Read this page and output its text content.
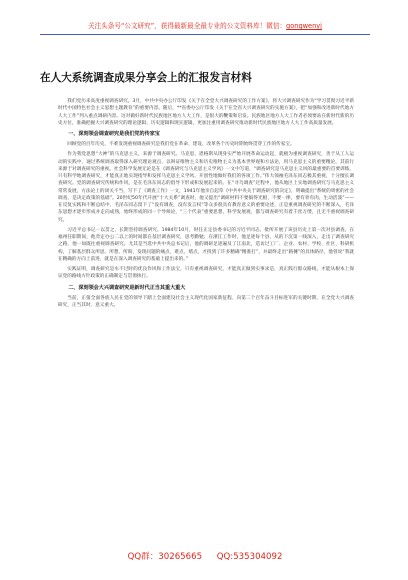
关注头条号“公文研究”，获得最新最全最专业的公文资料库！微信：gongwenyj
在人大系统调查成果分享会上的汇报发言材料

我们党历来高度重视调查研究。3月，中共中央办公厅印发《关于在全党大兴调查研究的工作方案》，将大兴调查研究作为“学习贯彻习近平新时代中国特色社会主义思想主题教育”的重要内容。随后，**省委办公厅印发《关于在全省大兴调查研究的实施方案》，把“加强和改进新时代地方人大工作”列入重点调研内容。这对做好新时代民族地区地方人大工作，是很大的鞭策和启发。民族地区地方人大工作者必须要站在新时代新的历史方位，准确把握大兴调查研究的理论逻辑、历史逻辑和现实逻辑，更加注重用调查研究推动新时代民族地区地方人大工作高质量发展。

一、深刻领会调查研究是我们党的传家宝

回顾党的百年历史，不难发现重视调查研究是我们党在革命、建设、改革各个历史时期始终贯穿工作的传家宝。

作为我党思想“大神”的马克思主义，来源于调查研究。马克思、恩格斯从现身实严始开展革命运动起，就极为重视调查研究，善于从工人运动的实践中，通过系统调查取得深入研究理论观点，以辩证唯物主义和历史唯物主义为基本世界观和方法论，用马克思主义的重要精论，其前行来源于对调查研究的重视。社会科学发展无论是在《调查研究与马克思主义学风》一文中写道，“调查研究是马克思主义风的最重要的首要训练，只有科学地调查研究，才能真正地实现指导和发挥马克思主义学风，开创性地做好我们的各项工作。”伟大领袖毛泽东同志极其重视，十分擅长调查研究。党的调查研究传统和作风，是在毛泽东同志的倡导下形成和发展起来的。在“寻乌调查”过程中，他从地区上实地调查研究与马克思主义常常发展，方法论上的闭关不当，写下了《调查工作》一文，1941年他亲自起草《中共中央关于调查研究的决定》，明确提出“系统的周密的社会调查，是决定政策的基础”。20世纪50年代开展“十大关系”调查时，他又提出“调研材料不要搞得光板、不要一律，要有骨有肉，生动活泼”——在反复实践和不断总结中，毛泽东同志留下了“没有调查，没有发言权”等众多很具有教育意义的重要论述，正是重视调查研究的不断深入，毛泽东思想才逐步形成并走向成熟，始终形成的同一个导师论，“三个代表”重要思想、科学发展观，都与调查研究有着千丝万缕，且无不重视调查研究。

习近平总书记一以贯之、长期坚持调查研究。1984年10月，时任正定县委书记的习近平同志，批所开展了该县历史上第一次对县调查。在福州任职期间，他肯定办公二以上的时间都在基层调查研究，思考勤勉；在浙江工作时，他足迹每个县，从的下沉第一线深入，走出了调查研究之路，他一如既往重视调查研究。尤其是当选中共中央总书记后，他的调研足迹遍及了江南北，造访过工厂、企业、农村、学校、社区、科研机构，了解基层群众所思、所想、所盼，发现问题的痛点、难点、堵点，才找到了许多精确“精准打”，并最终走出“路摊”的具体路径，他曾说“我就在精确的方向上前进，就是在深入调查研究的基础上提出来的。”

实践证明，调查研究是水不过时的优良作风和工作法宝，只有重视调查研究，才能真正做到实事求是，真正践行群众路线，才能从根本上保证党的路线方针政策的正确制定与贯彻执行。

二、深刻领会大兴调查研究是新时代正当其重大重大

当前，正值全面各族人民在党的领导下踏上全面建设社会主义现代化国家新征程、向第二个百年奋斗目标进军的关键时期，在全党大兴调查研究，正当其时、意义重大。

QQ群：30265665 QQ:535304092
